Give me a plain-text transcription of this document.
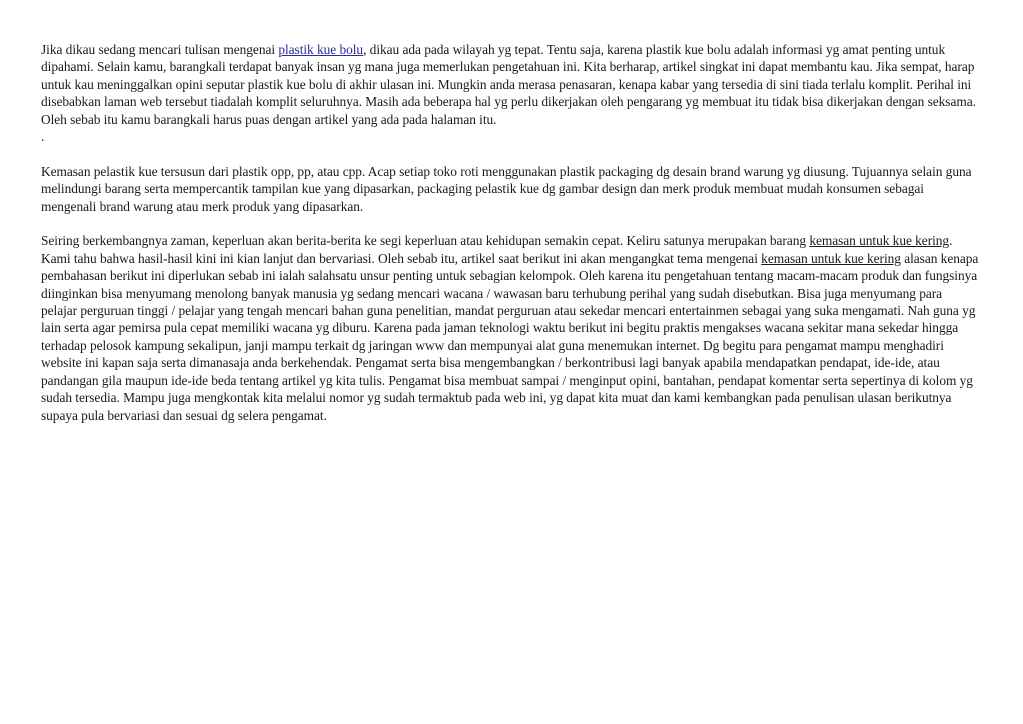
Jika dikau sedang mencari tulisan mengenai plastik kue bolu, dikau ada pada wilayah yg tepat. Tentu saja, karena plastik kue bolu adalah informasi yg amat penting untuk dipahami. Selain kamu, barangkali terdapat banyak insan yg mana juga memerlukan pengetahuan ini. Kita berharap, artikel singkat ini dapat membantu kau. Jika sempat, harap untuk kau meninggalkan opini seputar plastik kue bolu di akhir ulasan ini. Mungkin anda merasa penasaran, kenapa kabar yang tersedia di sini tiada terlalu komplit. Perihal ini disebabkan laman web tersebut tiadalah komplit seluruhnya. Masih ada beberapa hal yg perlu dikerjakan oleh pengarang yg membuat itu tidak bisa dikerjakan dengan seksama. Oleh sebab itu kamu barangkali harus puas dengan artikel yang ada pada halaman itu.
.

Kemasan pelastik kue tersusun dari plastik opp, pp, atau cpp. Acap setiap toko roti menggunakan plastik packaging dg desain brand warung yg diusung. Tujuannya selain guna melindungi barang serta mempercantik tampilan kue yang dipasarkan, packaging pelastik kue dg gambar design dan merk produk membuat mudah konsumen sebagai mengenali brand warung atau merk produk yang dipasarkan.

Seiring berkembangnya zaman, keperluan akan berita-berita ke segi keperluan atau kehidupan semakin cepat. Keliru satunya merupakan barang kemasan untuk kue kering. Kami tahu bahwa hasil-hasil kini ini kian lanjut dan bervariasi. Oleh sebab itu, artikel saat berikut ini akan mengangkat tema mengenai kemasan untuk kue kering alasan kenapa pembahasan berikut ini diperlukan sebab ini ialah salahsatu unsur penting untuk sebagian kelompok. Oleh karena itu pengetahuan tentang macam-macam produk dan fungsinya diinginkan bisa menyumang menolong banyak manusia yg sedang mencari wacana / wawasan baru terhubung perihal yang sudah disebutkan. Bisa juga menyumang para pelajar perguruan tinggi / pelajar yang tengah mencari bahan guna penelitian, mandat perguruan atau sekedar mencari entertainmen sebagai yang suka mengamati. Nah guna yg lain serta agar pemirsa pula cepat memiliki wacana yg diburu. Karena pada jaman teknologi waktu berikut ini begitu praktis mengakses wacana sekitar mana sekedar hingga terhadap pelosok kampung sekalipun, janji mampu terkait dg jaringan www dan mempunyai alat guna menemukan internet. Dg begitu para pengamat mampu menghadiri website ini kapan saja serta dimanasaja anda berkehendak. Pengamat serta bisa mengembangkan / berkontribusi lagi banyak apabila mendapatkan pendapat, ide-ide, atau pandangan gila maupun ide-ide beda tentang artikel yg kita tulis. Pengamat bisa membuat sampai / menginput opini, bantahan, pendapat komentar serta sepertinya di kolom yg sudah tersedia. Mampu juga mengkontak kita melalui nomor yg sudah termaktub pada web ini, yg dapat kita muat dan kami kembangkan pada penulisan ulasan berikutnya supaya pula bervariasi dan sesuai dg selera pengamat.
